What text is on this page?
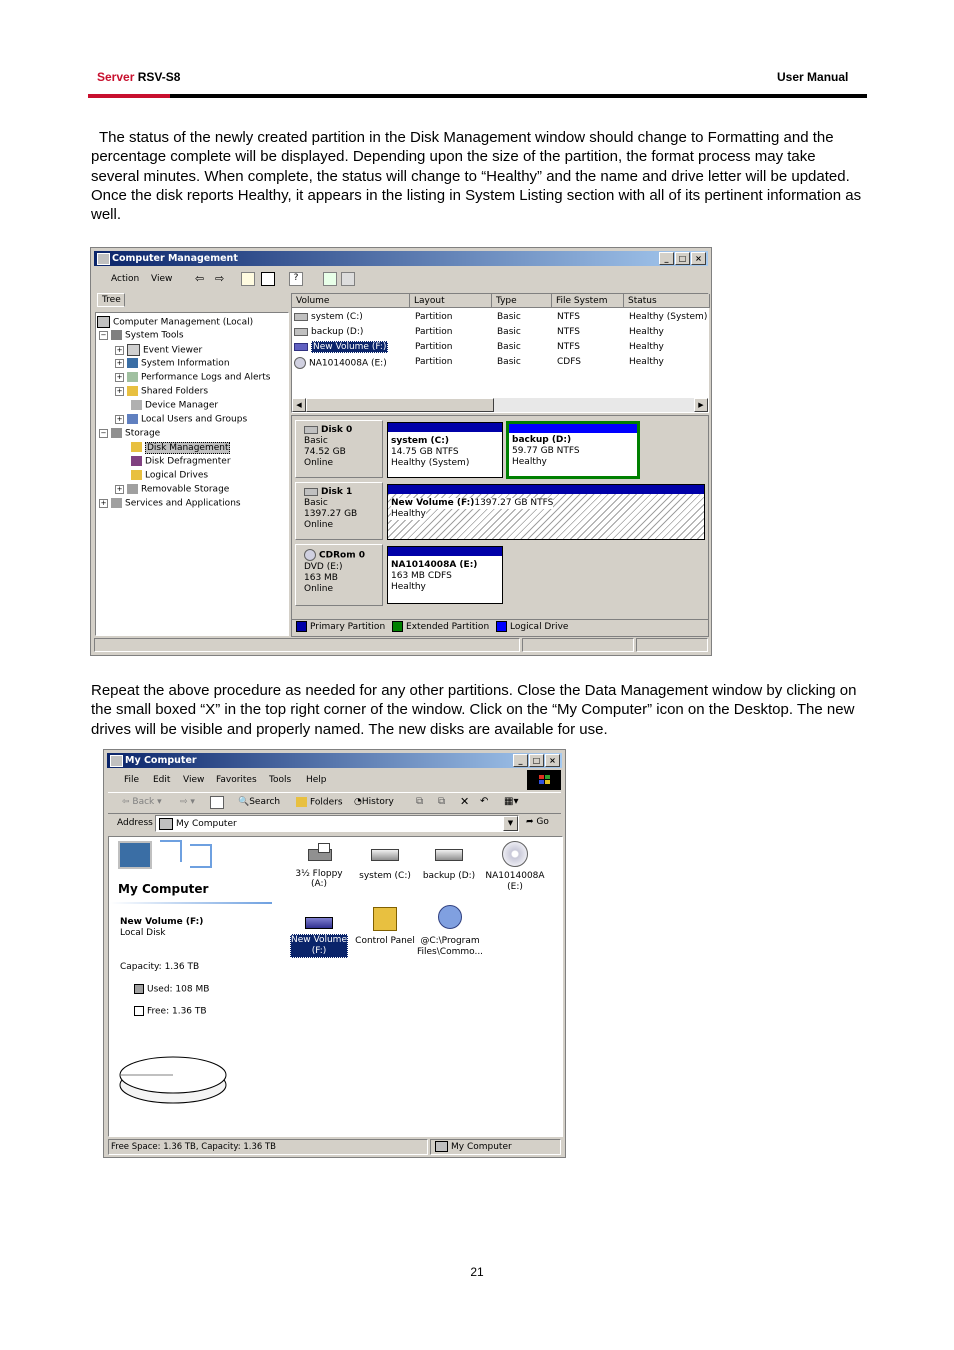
Server RSV-S8	User Manual
The status of the newly created partition in the Disk Management window should change to Formatting and the percentage complete will be displayed. Depending upon the size of the partition, the format process may take several minutes. When complete, the status will change to “Healthy” and the name and drive letter will be updated. Once the disk reports Healthy, it appears in the listing in System Listing section with all of its pertinent information as well.
Computer Management	_	□	×
Action View ⇦ ⇨	?
Tree
Computer Management (Local)
− System Tools
+ Event Viewer
+ System Information
+ Performance Logs and Alerts
+ Shared Folders
Device Manager
+ Local Users and Groups
− Storage
Disk Management
Disk Defragmenter
Logical Drives
+ Removable Storage
+ Services and Applications
Volume	Layout	Type	File System	Status
system (C:)	Partition	Basic	NTFS	Healthy (System)
backup (D:)	Partition	Basic	NTFS	Healthy
New Volume (F:)	Partition	Basic	NTFS	Healthy
NA1014008A (E:)	Partition	Basic	CDFS	Healthy
◀	▶
Disk 0
Basic
74.52 GB
Online
system (C:)
14.75 GB NTFS
Healthy (System)
backup (D:)
59.77 GB NTFS
Healthy
Disk 1
Basic
1397.27 GB
Online
New Volume (F:)1397.27 GB NTFS
Healthy
CDRom 0
DVD (E:)
163 MB
Online
NA1014008A (E:)
163 MB CDFS
Healthy
Primary Partition Extended Partition Logical Drive
Repeat the above procedure as needed for any other partitions. Close the Data Management window by clicking on the small boxed “X” in the top right corner of the window. Click on the “My Computer” icon on the Desktop. The new drives will be visible and properly named. The new disks are available for use.
My Computer	_	□	×
File Edit View Favorites Tools Help
⇦ Back ▾ ⇨ ▾	🔍Search	Folders ◔History ⧉ ⧉ ✕ ↶ ▦▾
Address	My Computer	▼	➦ Go
My Computer
New Volume (F:)
Local Disk
Capacity: 1.36 TB
Used: 108 MB
Free: 1.36 TB
3½ Floppy (A:)
system (C:)	backup (D:)	NA1014008A (E:)
New Volume (F:)
Control Panel @C:\Program Files\Commo...
Free Space: 1.36 TB, Capacity: 1.36 TB	My Computer
21
